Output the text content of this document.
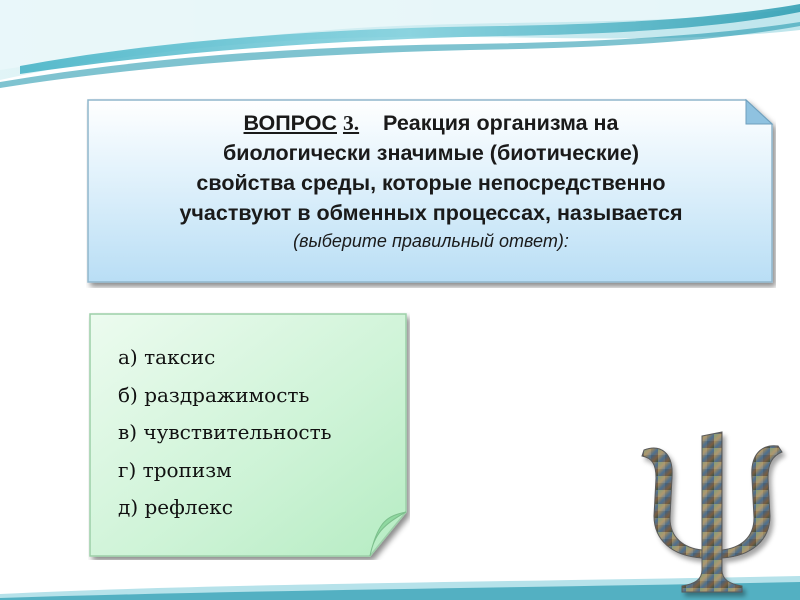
ВОПРОС 3. Реакция организма на
биологически значимые (биотические)
свойства среды, которые непосредственно
участвуют в обменных процессах, называется
(выберите правильный ответ):
а) таксис
б) раздражимость
в) чувствительность
г) тропизм
д) рефлекс
